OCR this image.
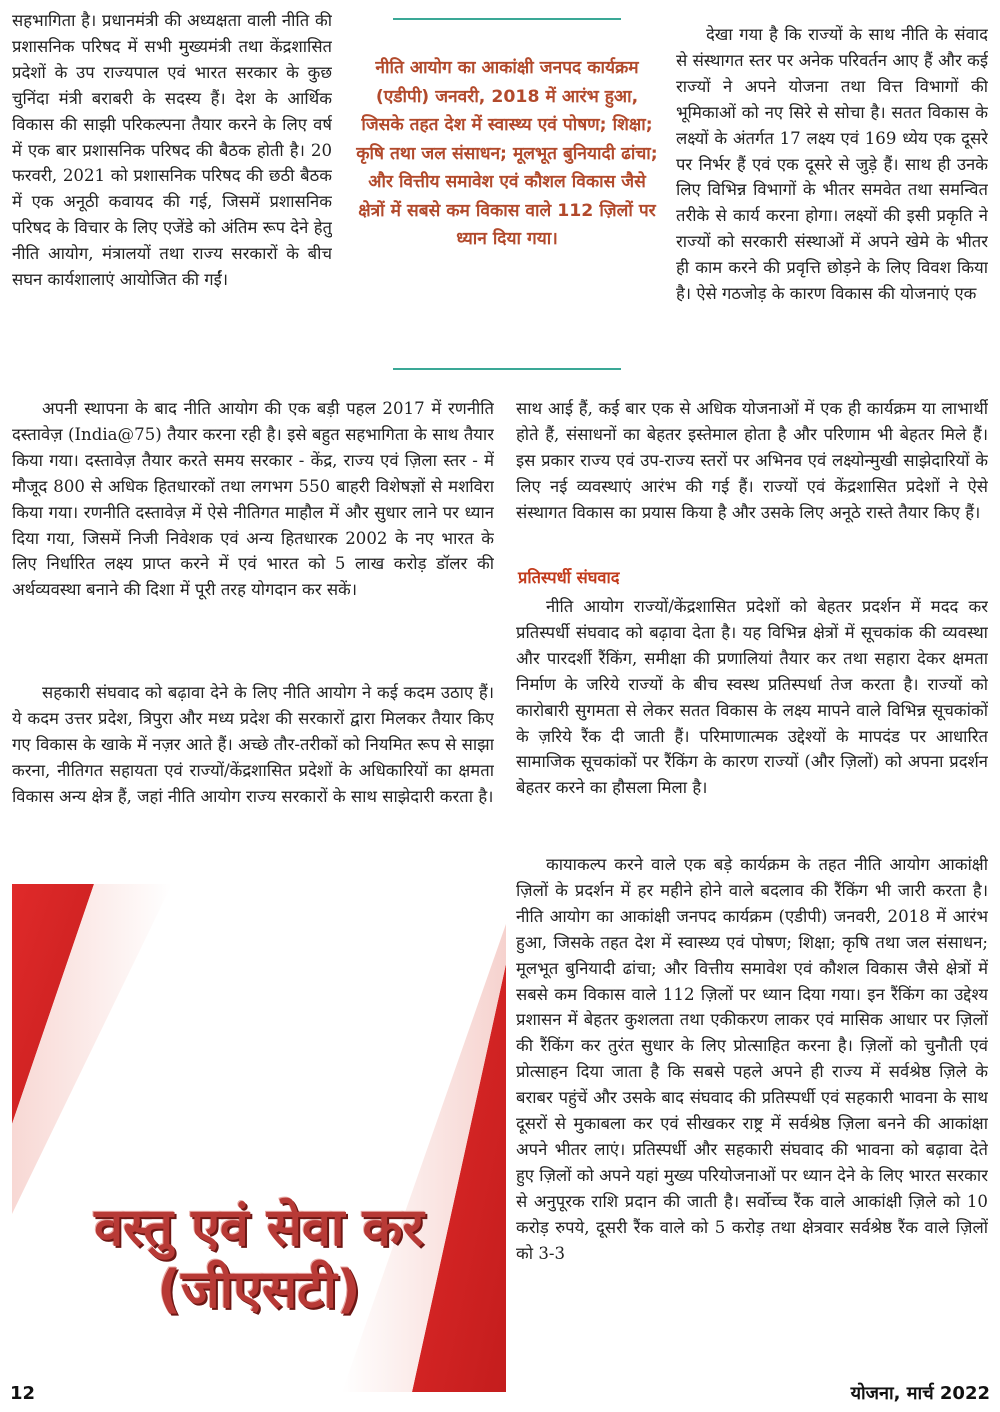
सहभागिता है। प्रधानमंत्री की अध्यक्षता वाली नीति की प्रशासनिक परिषद में सभी मुख्यमंत्री तथा केंद्रशासित प्रदेशों के उप राज्यपाल एवं भारत सरकार के कुछ चुनिंदा मंत्री बराबरी के सदस्य हैं। देश के आर्थिक विकास की साझी परिकल्पना तैयार करने के लिए वर्ष में एक बार प्रशासनिक परिषद की बैठक होती है। 20 फरवरी, 2021 को प्रशासनिक परिषद की छठी बैठक में एक अनूठी कवायद की गई, जिसमें प्रशासनिक परिषद के विचार के लिए एजेंडे को अंतिम रूप देने हेतु नीति आयोग, मंत्रालयों तथा राज्य सरकारों के बीच सघन कार्यशालाएं आयोजित की गईं।

नीति आयोग का आकांक्षी जनपद कार्यक्रम (एडीपी) जनवरी, 2018 में आरंभ हुआ, जिसके तहत देश में स्वास्थ्य एवं पोषण; शिक्षा; कृषि तथा जल संसाधन; मूलभूत बुनियादी ढांचा; और वित्तीय समावेश एवं कौशल विकास जैसे क्षेत्रों में सबसे कम विकास वाले 112 ज़िलों पर ध्यान दिया गया।

देखा गया है कि राज्यों के साथ नीति के संवाद से संस्थागत स्तर पर अनेक परिवर्तन आए हैं और कई राज्यों ने अपने योजना तथा वित्त विभागों की भूमिकाओं को नए सिरे से सोचा है। सतत विकास के लक्ष्यों के अंतर्गत 17 लक्ष्य एवं 169 ध्येय एक दूसरे पर निर्भर हैं एवं एक दूसरे से जुड़े हैं। साथ ही उनके लिए विभिन्न विभागों के भीतर समवेत तथा समन्वित तरीके से कार्य करना होगा। लक्ष्यों की इसी प्रकृति ने राज्यों को सरकारी संस्थाओं में अपने खेमे के भीतर ही काम करने की प्रवृत्ति छोड़ने के लिए विवश किया है। ऐसे गठजोड़ के कारण विकास की योजनाएं एक

साथ आई हैं, कई बार एक से अधिक योजनाओं में एक ही कार्यक्रम या लाभार्थी होते हैं, संसाधनों का बेहतर इस्तेमाल होता है और परिणाम भी बेहतर मिले हैं। इस प्रकार राज्य एवं उप-राज्य स्तरों पर अभिनव एवं लक्ष्योन्मुखी साझेदारियों के लिए नई व्यवस्थाएं आरंभ की गई हैं। राज्यों एवं केंद्रशासित प्रदेशों ने ऐसे संस्थागत विकास का प्रयास किया है और उसके लिए अनूठे रास्ते तैयार किए हैं।

अपनी स्थापना के बाद नीति आयोग की एक बड़ी पहल 2017 में रणनीति दस्तावेज़ (India@75) तैयार करना रही है। इसे बहुत सहभागिता के साथ तैयार किया गया। दस्तावेज़ तैयार करते समय सरकार - केंद्र, राज्य एवं ज़िला स्तर - में मौजूद 800 से अधिक हितधारकों तथा लगभग 550 बाहरी विशेषज्ञों से मशविरा किया गया। रणनीति दस्तावेज़ में ऐसे नीतिगत माहौल में और सुधार लाने पर ध्यान दिया गया, जिसमें निजी निवेशक एवं अन्य हितधारक 2002 के नए भारत के लिए निर्धारित लक्ष्य प्राप्त करने में एवं भारत को 5 लाख करोड़ डॉलर की अर्थव्यवस्था बनाने की दिशा में पूरी तरह योगदान कर सकें।

सहकारी संघवाद को बढ़ावा देने के लिए नीति आयोग ने कई कदम उठाए हैं। ये कदम उत्तर प्रदेश, त्रिपुरा और मध्य प्रदेश की सरकारों द्वारा मिलकर तैयार किए गए विकास के खाके में नज़र आते हैं। अच्छे तौर-तरीकों को नियमित रूप से साझा करना, नीतिगत सहायता एवं राज्यों/केंद्रशासित प्रदेशों के अधिकारियों का क्षमता विकास अन्य क्षेत्र हैं, जहां नीति आयोग राज्य सरकारों के साथ साझेदारी करता है।

प्रतिस्पर्धी संघवाद

नीति आयोग राज्यों/केंद्रशासित प्रदेशों को बेहतर प्रदर्शन में मदद कर प्रतिस्पर्धी संघवाद को बढ़ावा देता है। यह विभिन्न क्षेत्रों में सूचकांक की व्यवस्था और पारदर्शी रैंकिंग, समीक्षा की प्रणालियां तैयार कर तथा सहारा देकर क्षमता निर्माण के जरिये राज्यों के बीच स्वस्थ प्रतिस्पर्धा तेज करता है। राज्यों को कारोबारी सुगमता से लेकर सतत विकास के लक्ष्य मापने वाले विभिन्न सूचकांकों के ज़रिये रैंक दी जाती हैं। परिमाणात्मक उद्देश्यों के मापदंड पर आधारित सामाजिक सूचकांकों पर रैंकिंग के कारण राज्यों (और ज़िलों) को अपना प्रदर्शन बेहतर करने का हौसला मिला है।

कायाकल्प करने वाले एक बड़े कार्यक्रम के तहत नीति आयोग आकांक्षी ज़िलों के प्रदर्शन में हर महीने होने वाले बदलाव की रैंकिंग भी जारी करता है। नीति आयोग का आकांक्षी जनपद कार्यक्रम (एडीपी) जनवरी, 2018 में आरंभ हुआ, जिसके तहत देश में स्वास्थ्य एवं पोषण; शिक्षा; कृषि तथा जल संसाधन; मूलभूत बुनियादी ढांचा; और वित्तीय समावेश एवं कौशल विकास जैसे क्षेत्रों में सबसे कम विकास वाले 112 ज़िलों पर ध्यान दिया गया। इन रैंकिंग का उद्देश्य प्रशासन में बेहतर कुशलता तथा एकीकरण लाकर एवं मासिक आधार पर ज़िलों की रैंकिंग कर तुरंत सुधार के लिए प्रोत्साहित करना है। ज़िलों को चुनौती एवं प्रोत्साहन दिया जाता है कि सबसे पहले अपने ही राज्य में सर्वश्रेष्ठ ज़िले के बराबर पहुंचें और उसके बाद संघवाद की प्रतिस्पर्धी एवं सहकारी भावना के साथ दूसरों से मुकाबला कर एवं सीखकर राष्ट्र में सर्वश्रेष्ठ ज़िला बनने की आकांक्षा अपने भीतर लाएं। प्रतिस्पर्धी और सहकारी संघवाद की भावना को बढ़ावा देते हुए ज़िलों को अपने यहां मुख्य परियोजनाओं पर ध्यान देने के लिए भारत सरकार से अनुपूरक राशि प्रदान की जाती है। सर्वोच्च रैंक वाले आकांक्षी ज़िले को 10 करोड़ रुपये, दूसरी रैंक वाले को 5 करोड़ तथा क्षेत्रवार सर्वश्रेष्ठ रैंक वाले ज़िलों को 3-3

वस्तु एवं सेवा कर
(जीएसटी)
12	योजना, मार्च 2022
